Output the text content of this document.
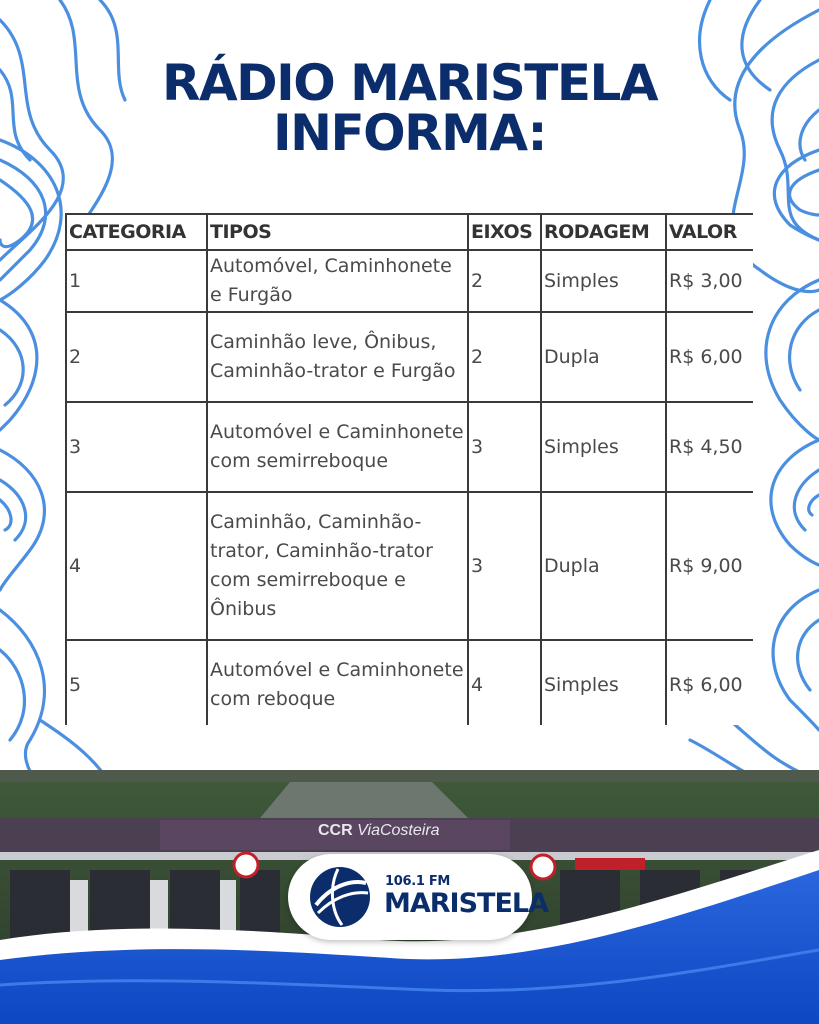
RÁDIO MARISTELA
INFORMA:
CATEGORIA	TIPOS	EIXOS	RODAGEM	VALOR
1	Automóvel, Caminhonete e Furgão	2	Simples	R$ 3,00
2	Caminhão leve, Ônibus, Caminhão-trator e Furgão	2	Dupla	R$ 6,00
3	Automóvel e Caminhonete com semirreboque	3	Simples	R$ 4,50
4	Caminhão, Caminhão-trator, Caminhão-trator com semirreboque e Ônibus	3	Dupla	R$ 9,00
5	Automóvel e Caminhonete com reboque	4	Simples	R$ 6,00
CCR ViaCosteira
106.1 FM
MARISTELA
